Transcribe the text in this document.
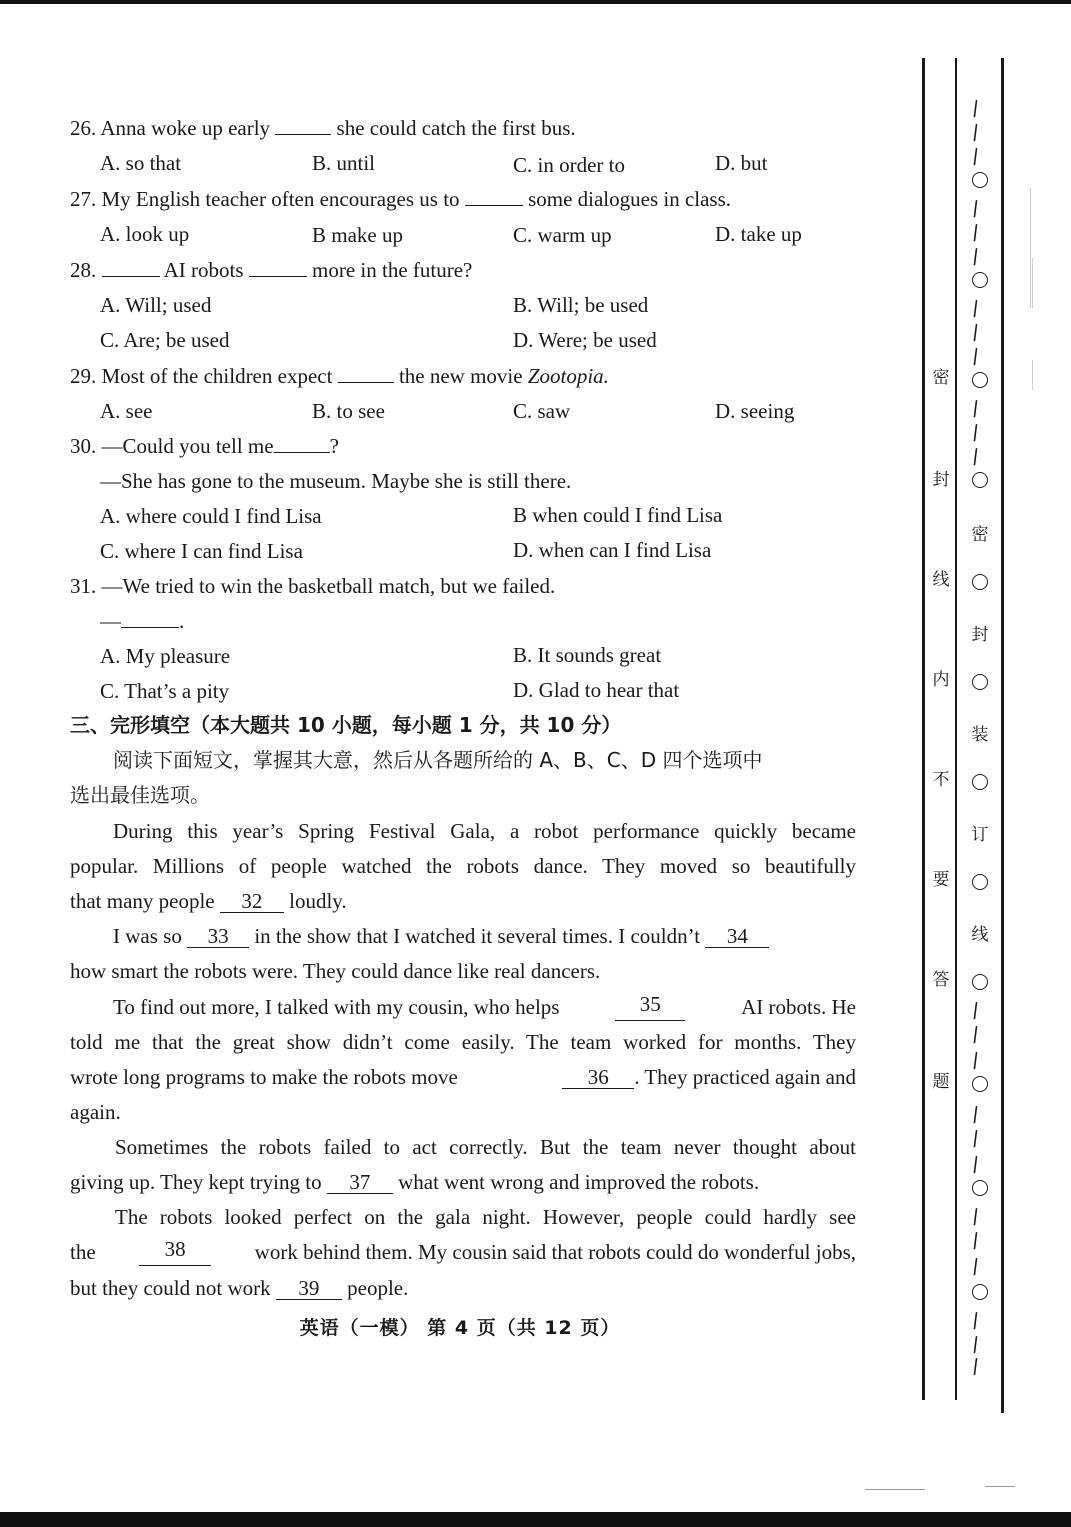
26. Anna woke up early	she could catch the first bus.
A. so that	B. until	C. in order to	D. but
27. My English teacher often encourages us to	some dialogues in class.
A. look up	B make up	C. warm up	D. take up
28.	AI robots	more in the future?
A. Will; used	B. Will; be used
C. Are; be used	D. Were; be used
29. Most of the children expect	the new movie Zootopia.
A. see	B. to see	C. saw	D. seeing
30. —Could you tell me	?
—She has gone to the museum. Maybe she is still there.
A. where could I find Lisa	B when could I find Lisa
C. where I can find Lisa	D. when can I find Lisa
31. —We tried to win the basketball match, but we failed.
—	.
A. My pleasure	B. It sounds great
C. That’s a pity	D. Glad to hear that
三、完形填空（本大题共 10 小题，每小题 1 分，共 10 分）
阅读下面短文，掌握其大意，然后从各题所给的 A、B、C、D 四个选项中
选出最佳选项。
During this year’s Spring Festival Gala, a robot performance quickly became
popular. Millions of people watched the robots dance. They moved so beautifully
that many people 32 loudly.
I was so 33 in the show that I watched it several times. I couldn’t 34
how smart the robots were. They could dance like real dancers.
To find out more, I talked with my cousin, who helps	35	AI robots. He
told me that the great show didn’t come easily. The team worked for months. They
wrote long programs to make the robots move	36 . They practiced again and
again.
Sometimes the robots failed to act correctly. But the team never thought about
giving up. They kept trying to 37 what went wrong and improved the robots.
The robots looked perfect on the gala night. However, people could hardly see
the	38	work behind them. My cousin said that robots could do wonderful jobs,
but they could not work 39 people.
英语（一模） 第 4 页（共 12 页）
密
封
线
内
不
要
答
题
密
封
装
订
线
/
/
/
/
/
/
/
/
/
/
/
/
/
/
/
/
/
/
/
/
/
/
/
/
